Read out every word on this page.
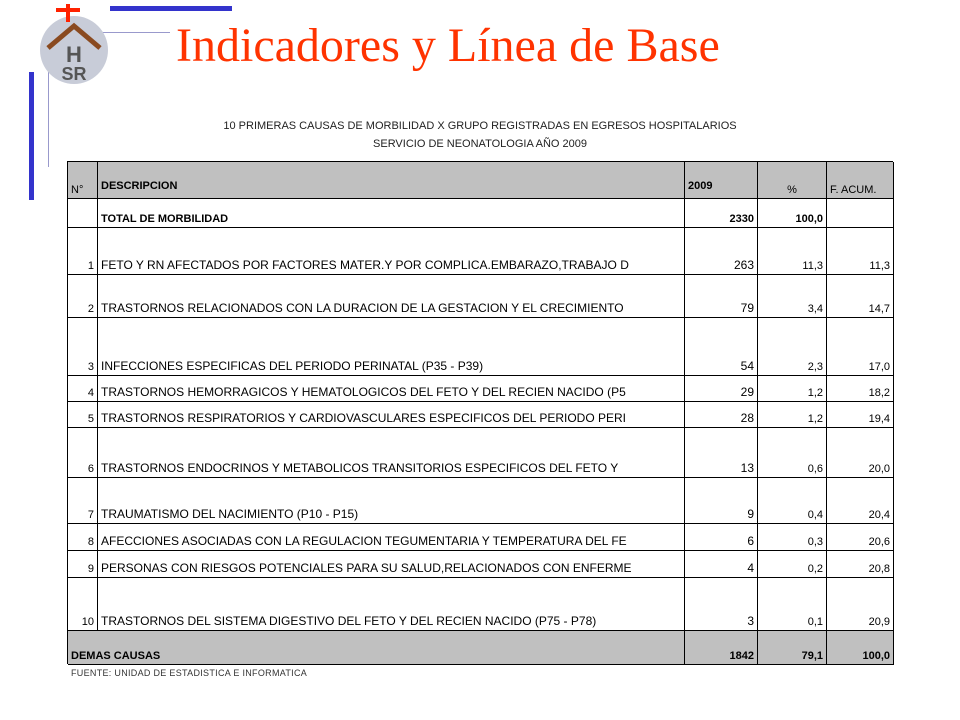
H
SR
Indicadores y Línea de Base
10 PRIMERAS CAUSAS DE MORBILIDAD X GRUPO REGISTRADAS EN EGRESOS HOSPITALARIOS
SERVICIO DE NEONATOLOGIA AÑO 2009
N°	DESCRIPCION	2009	%	F. ACUM.
TOTAL DE MORBILIDAD	2330	100,0
1 FETO Y RN AFECTADOS POR FACTORES MATER.Y POR COMPLICA.EMBARAZO,TRABAJO D	263	11,3	11,3
2 TRASTORNOS RELACIONADOS CON LA DURACION DE LA GESTACION Y EL CRECIMIENTO	79	3,4	14,7
3 INFECCIONES ESPECIFICAS DEL PERIODO PERINATAL (P35 - P39)	54	2,3	17,0
4 TRASTORNOS HEMORRAGICOS Y HEMATOLOGICOS DEL FETO Y DEL RECIEN NACIDO (P5	29	1,2	18,2
5 TRASTORNOS RESPIRATORIOS Y CARDIOVASCULARES ESPECIFICOS DEL PERIODO PERI	28	1,2	19,4
6 TRASTORNOS ENDOCRINOS Y METABOLICOS TRANSITORIOS ESPECIFICOS DEL FETO Y	13	0,6	20,0
7 TRAUMATISMO DEL NACIMIENTO (P10 - P15)	9	0,4	20,4
8 AFECCIONES ASOCIADAS CON LA REGULACION TEGUMENTARIA Y TEMPERATURA DEL FE	6	0,3	20,6
9 PERSONAS CON RIESGOS POTENCIALES PARA SU SALUD,RELACIONADOS CON ENFERME	4	0,2	20,8
10 TRASTORNOS DEL SISTEMA DIGESTIVO DEL FETO Y DEL RECIEN NACIDO (P75 - P78)	3	0,1	20,9
DEMAS CAUSAS	1842	79,1	100,0
FUENTE: UNIDAD DE ESTADISTICA E INFORMATICA
